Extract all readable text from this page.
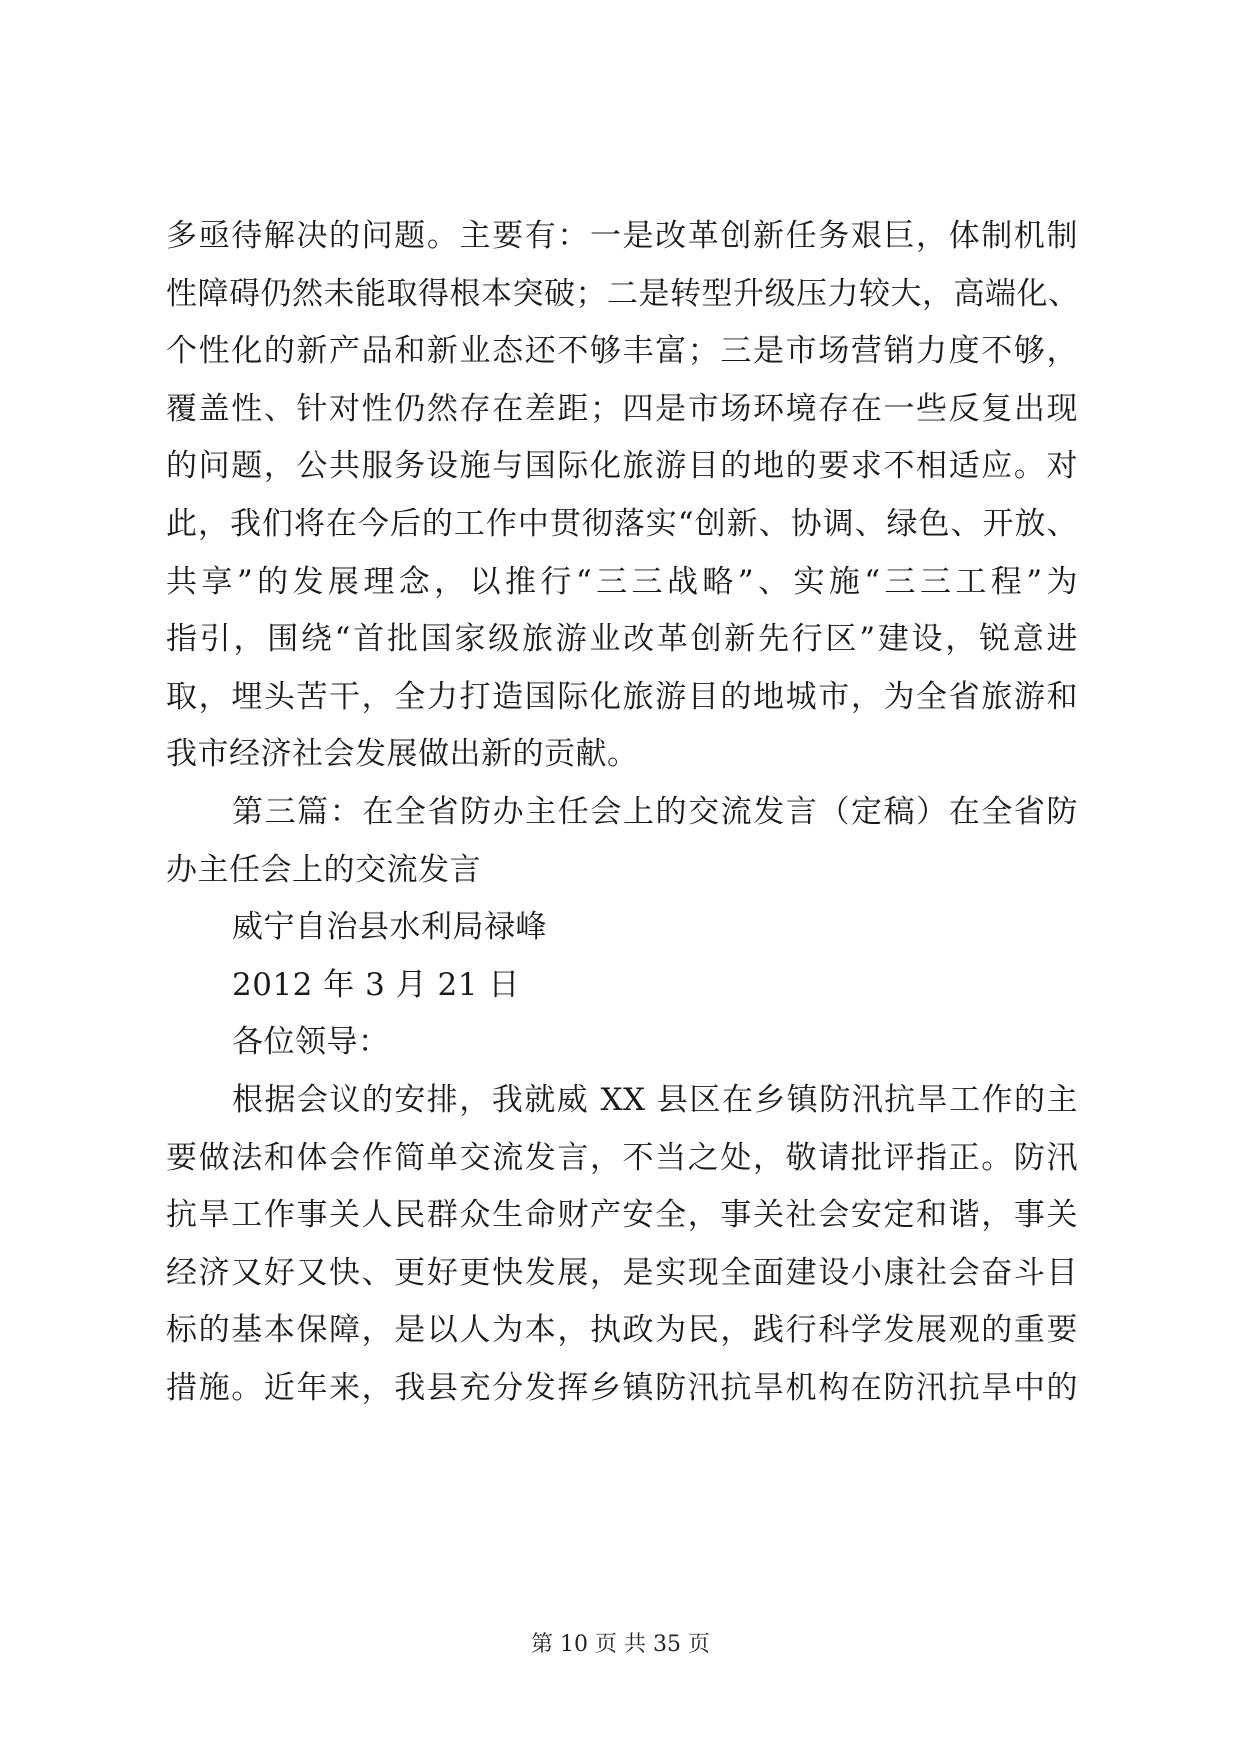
多亟待解决的问题。主要有：一是改革创新任务艰巨，体制机制
性障碍仍然未能取得根本突破；二是转型升级压力较大，高端化、
个性化的新产品和新业态还不够丰富；三是市场营销力度不够，
覆盖性、针对性仍然存在差距；四是市场环境存在一些反复出现
的问题，公共服务设施与国际化旅游目的地的要求不相适应。对
此，我们将在今后的工作中贯彻落实“创新、协调、绿色、开放、
共享”的发展理念，以推行“三三战略”、实施“三三工程”为
指引，围绕“首批国家级旅游业改革创新先行区”建设，锐意进
取，埋头苦干，全力打造国际化旅游目的地城市，为全省旅游和
我市经济社会发展做出新的贡献。
第三篇：在全省防办主任会上的交流发言（定稿）在全省防
办主任会上的交流发言
威宁自治县水利局禄峰
2012 年 3 月 21 日
各位领导：
根据会议的安排，我就威 XX 县区在乡镇防汛抗旱工作的主
要做法和体会作简单交流发言，不当之处，敬请批评指正。防汛
抗旱工作事关人民群众生命财产安全，事关社会安定和谐，事关
经济又好又快、更好更快发展，是实现全面建设小康社会奋斗目
标的基本保障，是以人为本，执政为民，践行科学发展观的重要
措施。近年来，我县充分发挥乡镇防汛抗旱机构在防汛抗旱中的
第 10 页 共 35 页
